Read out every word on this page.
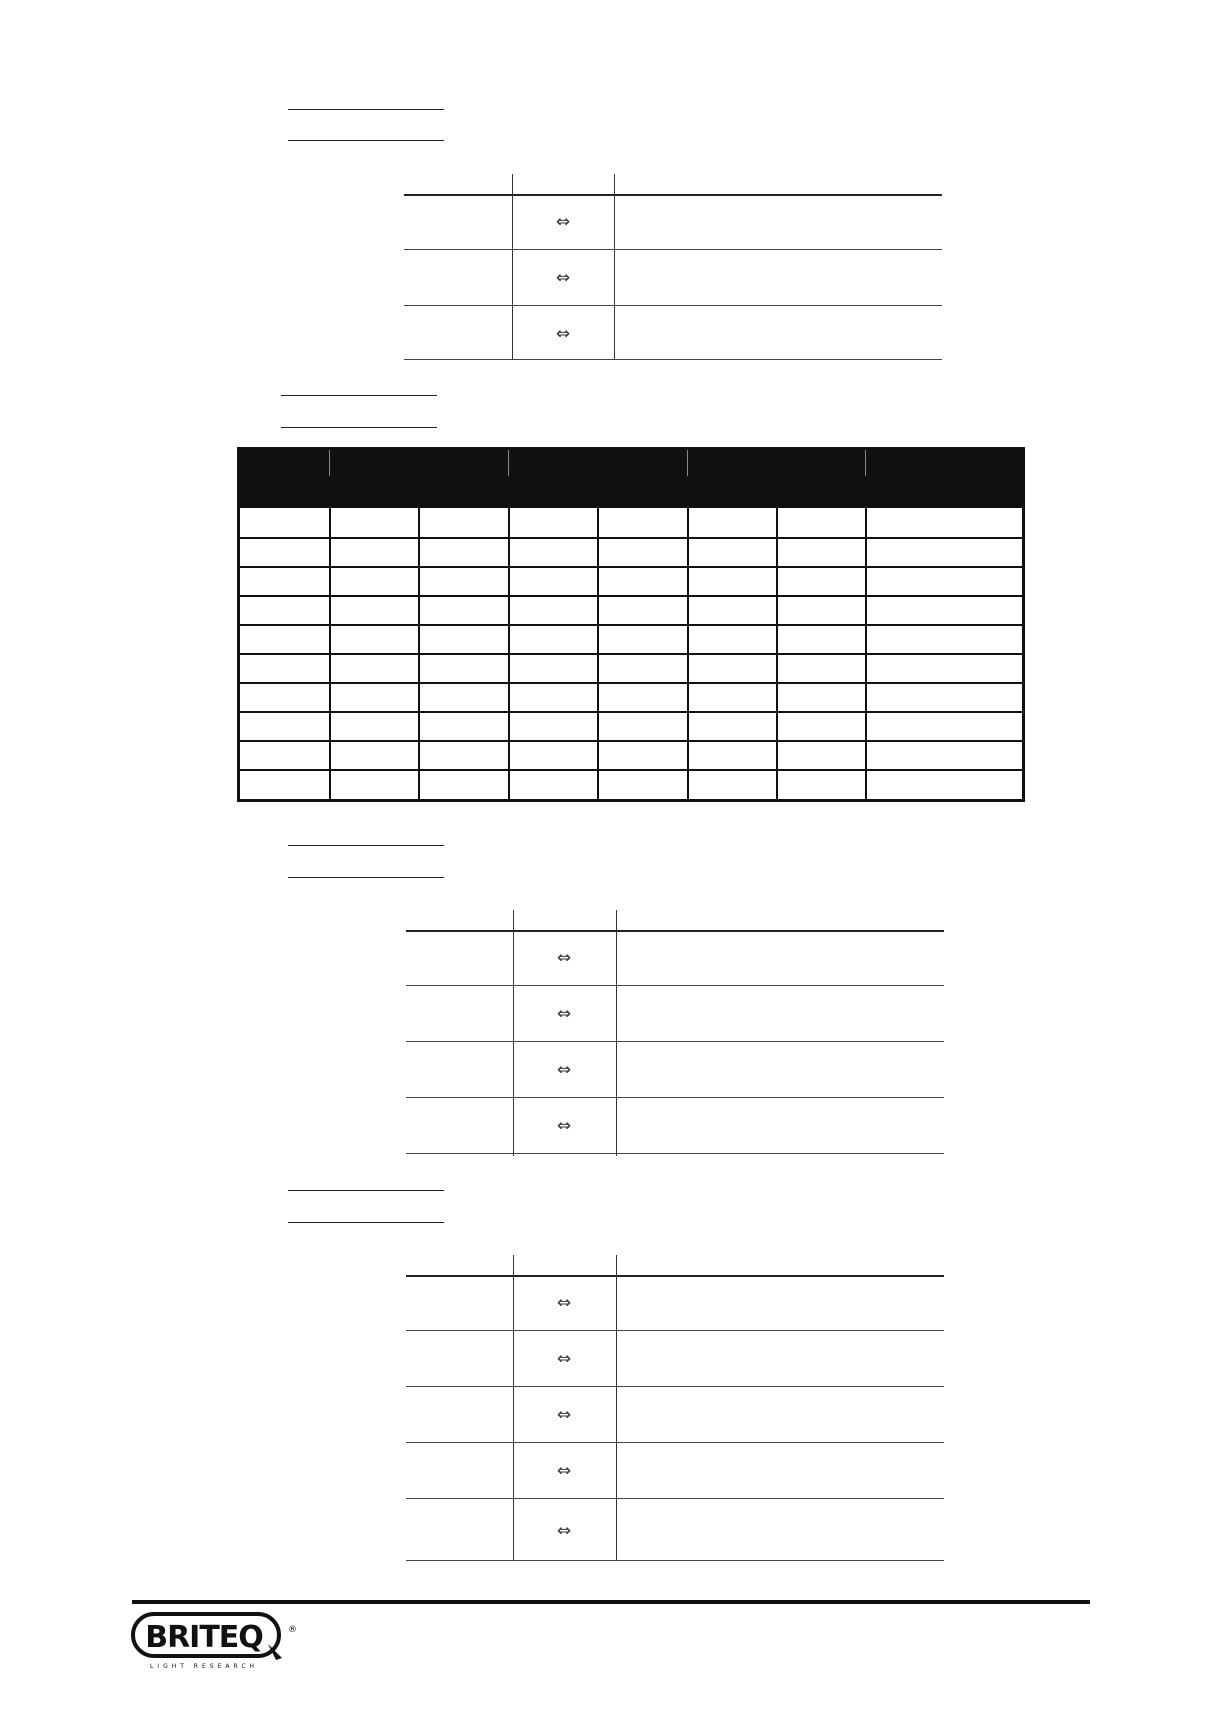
⇔
⇔
⇔
⇔
⇔
⇔
⇔
⇔
⇔
⇔
⇔
⇔
BRITEQ	®
LIGHT RESEARCH
